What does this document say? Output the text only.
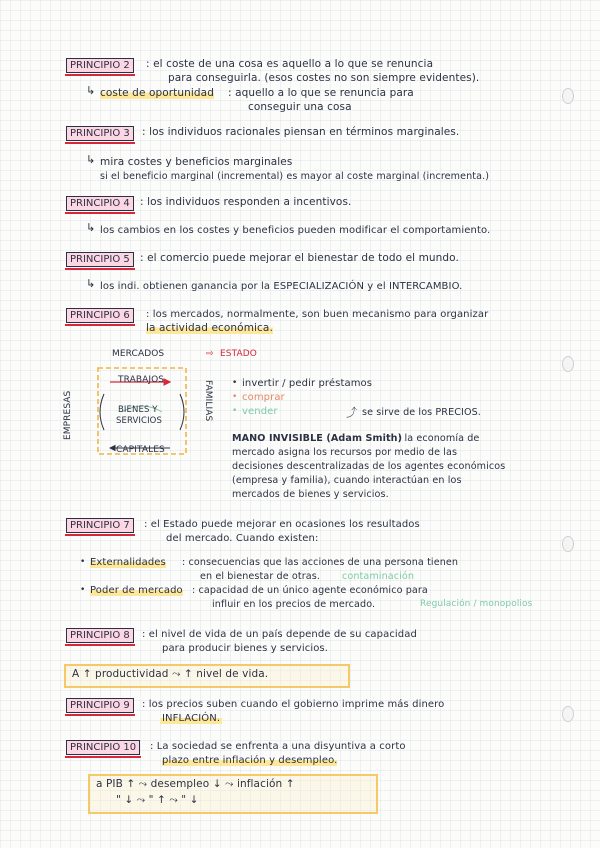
PRINCIPIO 2	: el coste de una cosa es aquello a lo que se renuncia
para conseguirla. (esos costes no son siempre evidentes).
↳ coste de oportunidad : aquello a lo que se renuncia para
conseguir una cosa
PRINCIPIO 3	: los individuos racionales piensan en términos marginales.
↳ mira costes y beneficios marginales
si el beneficio marginal (incremental) es mayor al coste marginal (incrementa.)
PRINCIPIO 4 : los individuos responden a incentivos.
↳ los cambios en los costes y beneficios pueden modificar el comportamiento.
PRINCIPIO 5 : el comercio puede mejorar el bienestar de todo el mundo.
↳ los indi. obtienen ganancia por la ESPECIALIZACIÓN y el INTERCAMBIO.
PRINCIPIO 6	: los mercados, normalmente, son buen mecanismo para organizar
la actividad económica.
MERCADOS	⇨ ESTADO
TRABAJOS
BIENES Y
SERVICIOS
CAPITALES
EMPRESAS	FAMILIAS • invertir / pedir préstamos
• comprar
• vender	⤴ se sirve de los PRECIOS.
MANO INVISIBLE (Adam Smith)
: la economía de
mercado asigna los recursos por medio de las
decisiones descentralizadas de los agentes económicos
(empresa y familia), cuando interactúan en los
mercados de bienes y servicios.
PRINCIPIO 7	: el Estado puede mejorar en ocasiones los resultados
del mercado. Cuando existen:
• Externalidades : consecuencias que las acciones de una persona tienen
en el bienestar de otras. contaminación
• Poder de mercado : capacidad de un único agente económico para
influir en los precios de mercado.	Regulación / monopolios
PRINCIPIO 8	: el nivel de vida de un país depende de su capacidad
para producir bienes y servicios.
A ↑ productividad ⤳ ↑ nivel de vida.
PRINCIPIO 9	: los precios suben cuando el gobierno imprime más dinero
INFLACIÓN.
PRINCIPIO 10	: La sociedad se enfrenta a una disyuntiva a corto
plazo entre inflación y desempleo.
a PIB ↑ ⤳ desempleo ↓ ⤳ inflación ↑
" ↓ ⤳ " ↑ ⤳ " ↓
